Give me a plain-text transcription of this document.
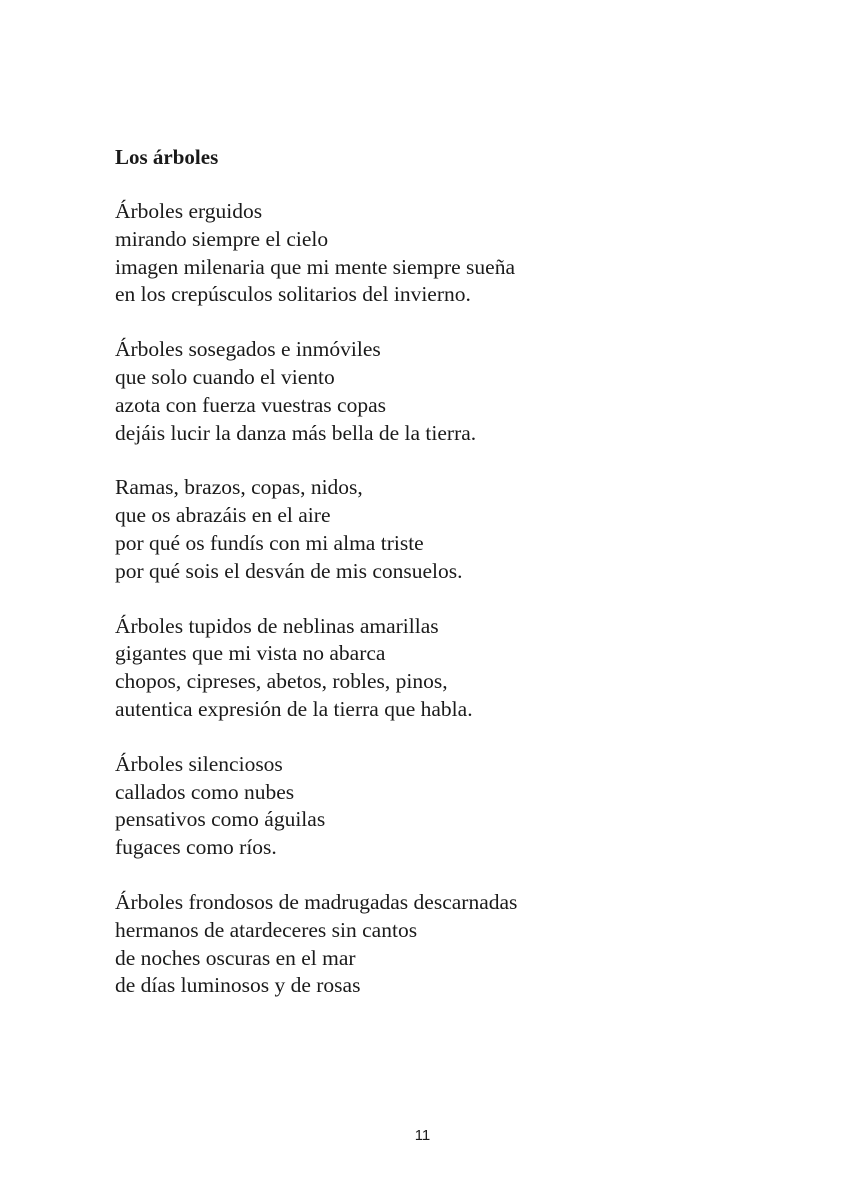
Los árboles
Árboles erguidos
mirando siempre el cielo
imagen milenaria que mi mente siempre sueña
en los crepúsculos solitarios del invierno.
Árboles sosegados e inmóviles
que solo cuando el viento
azota con fuerza vuestras copas
dejáis lucir la danza más bella de la tierra.
Ramas, brazos, copas, nidos,
que os abrazáis en el aire
por qué os fundís con mi alma triste
por qué sois el desván de mis consuelos.
Árboles tupidos de neblinas amarillas
gigantes que mi vista no abarca
chopos, cipreses, abetos, robles, pinos,
autentica expresión de la tierra que habla.
Árboles silenciosos
callados como nubes
pensativos como águilas
fugaces como ríos.
Árboles frondosos de madrugadas descarnadas
hermanos de atardeceres sin cantos
de noches oscuras en el mar
de días luminosos y de rosas
11
